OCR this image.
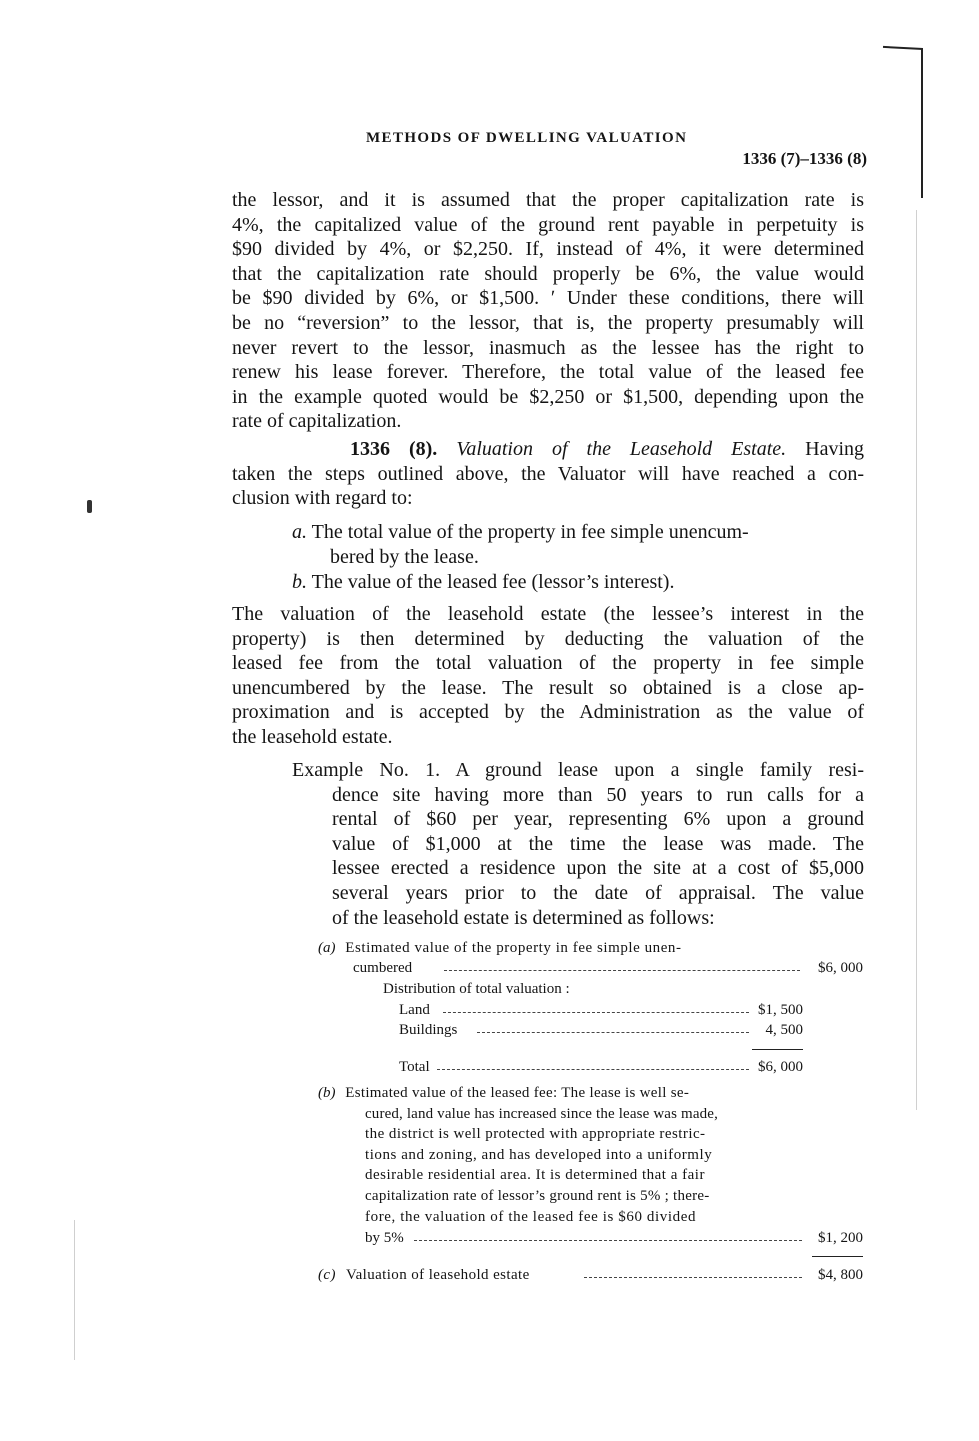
METHODS OF DWELLING VALUATION
1336 (7)–1336 (8)
the lessor, and it is assumed that the proper capitalization rate is
4%, the capitalized value of the ground rent payable in perpetuity is
$90 divided by 4%, or $2,250. If, instead of 4%, it were determined
that the capitalization rate should properly be 6%, the value would
be $90 divided by 6%, or $1,500. ʹ Under these conditions, there will
be no “reversion” to the lessor, that is, the property presumably will
never revert to the lessor, inasmuch as the lessee has the right to
renew his lease forever. Therefore, the total value of the leased fee
in the example quoted would be $2,250 or $1,500, depending upon the
rate of capitalization.
1336 (8). Valuation of the Leasehold Estate. Having
taken the steps outlined above, the Valuator will have reached a con-
clusion with regard to:
a. The total value of the property in fee simple unencum-
bered by the lease.
b. The value of the leased fee (lessor’s interest).
The valuation of the leasehold estate (the lessee’s interest in the
property) is then determined by deducting the valuation of the
leased fee from the total valuation of the property in fee simple
unencumbered by the lease. The result so obtained is a close ap-
proximation and is accepted by the Administration as the value of
the leasehold estate.
Example No. 1. A ground lease upon a single family resi-
dence site having more than 50 years to run calls for a
rental of $60 per year, representing 6% upon a ground
value of $1,000 at the time the lease was made. The
lessee erected a residence upon the site at a cost of $5,000
several years prior to the date of appraisal. The value
of the leasehold estate is determined as follows:
(a) Estimated value of the property in fee simple unen-
cumbered	$6, 000
Distribution of total valuation :
Land	$1, 500
Buildings	4, 500
Total	$6, 000
(b) Estimated value of the leased fee: The lease is well se-
cured, land value has increased since the lease was made,
the district is well protected with appropriate restric-
tions and zoning, and has developed into a uniformly
desirable residential area. It is determined that a fair
capitalization rate of lessor’s ground rent is 5% ; there-
fore, the valuation of the leased fee is $60 divided
by 5%	$1, 200
(c) Valuation of leasehold estate	$4, 800
